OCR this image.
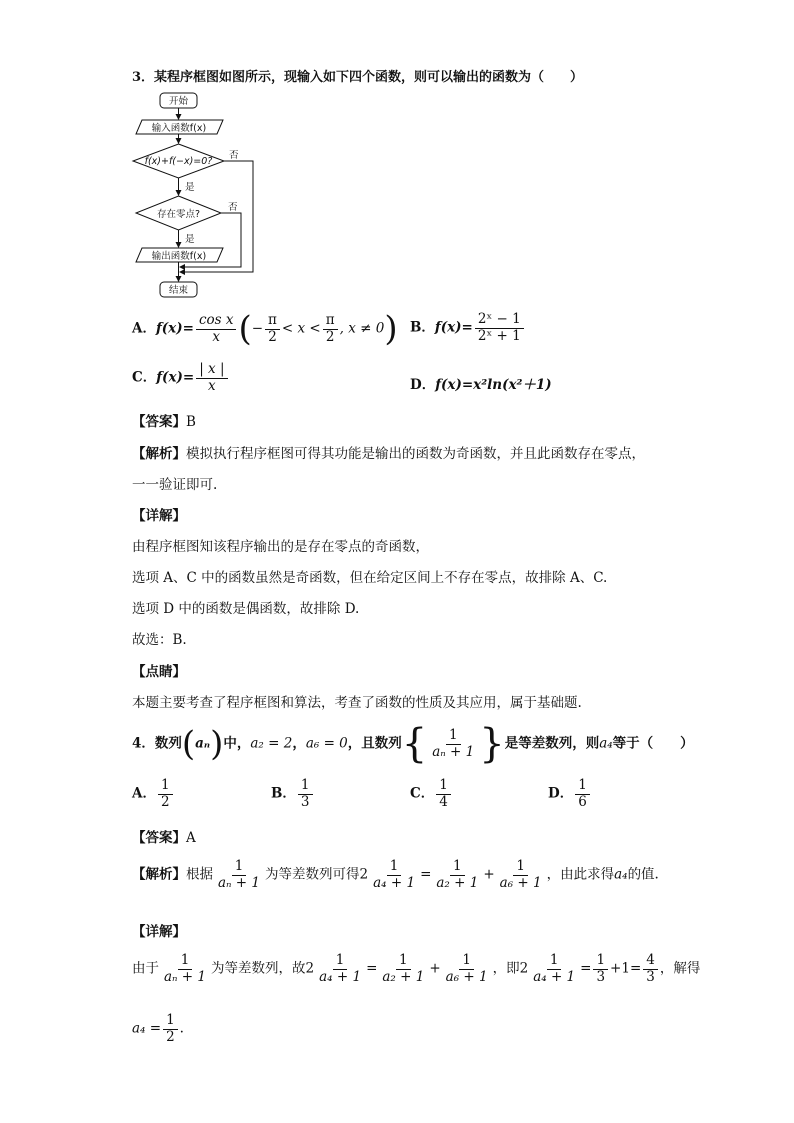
3．某程序框图如图所示，现输入如下四个函数，则可以输出的函数为（　　）
开始
输入函数f(x)
f(x)+f(−x)=0?
否
是
存在零点?
否
是
输出函数f(x)
结束
A．$f(x)= \frac{\text{cos x}}{x}$ (− $\frac{\pi}{2} < x < \frac{\pi}{2}$ , x ≠ 0) B．$f(x)= \frac{\text{2ˣ − 1}}{\text{2ˣ + 1}}$
C．$f(x)= \frac{| x |}{x}$	D．f(x)=x²ln(x²＋1)
【答案】B
【解析】模拟执行程序框图可得其功能是输出的函数为奇函数，并且此函数存在零点，
一一验证即可.
【详解】
由程序框图知该程序输出的是存在零点的奇函数，
选项 A、C 中的函数虽然是奇函数，但在给定区间上不存在零点，故排除 A、C.
选项 D 中的函数是偶函数，故排除 D.
故选：B.
【点睛】
本题主要考查了程序框图和算法，考查了函数的性质及其应用，属于基础题.
4．数列(aₙ)中，a₂ = 2，a₆ = 0，且数列{ $\frac{1}{\text{aₙ + 1}}$ }是等差数列，则a₄等于（　　）
A． $\frac{1}{2}$	B． $\frac{1}{3}$	C． $\frac{1}{4}$	D． $\frac{1}{6}$
【答案】A
【解析】根据 $\frac{1}{\text{aₙ + 1}}$ 为等差数列可得$2 \frac{1}{\text{a₄ + 1}} = \frac{1}{\text{a₂ + 1}} + \frac{1}{\text{a₆ + 1}}$ ，由此求得a₄的值.
【详解】
由于 $\frac{1}{\text{aₙ + 1}}$ 为等差数列，故$2 \frac{1}{\text{a₄ + 1}} = \frac{1}{\text{a₂ + 1}} + \frac{1}{\text{a₆ + 1}}$ ，即$2 \frac{1}{\text{a₄ + 1}} = \frac{1}{3} +1= \frac{4}{3}$ ，解得
$a_4 = \frac{1}{2}$ .
